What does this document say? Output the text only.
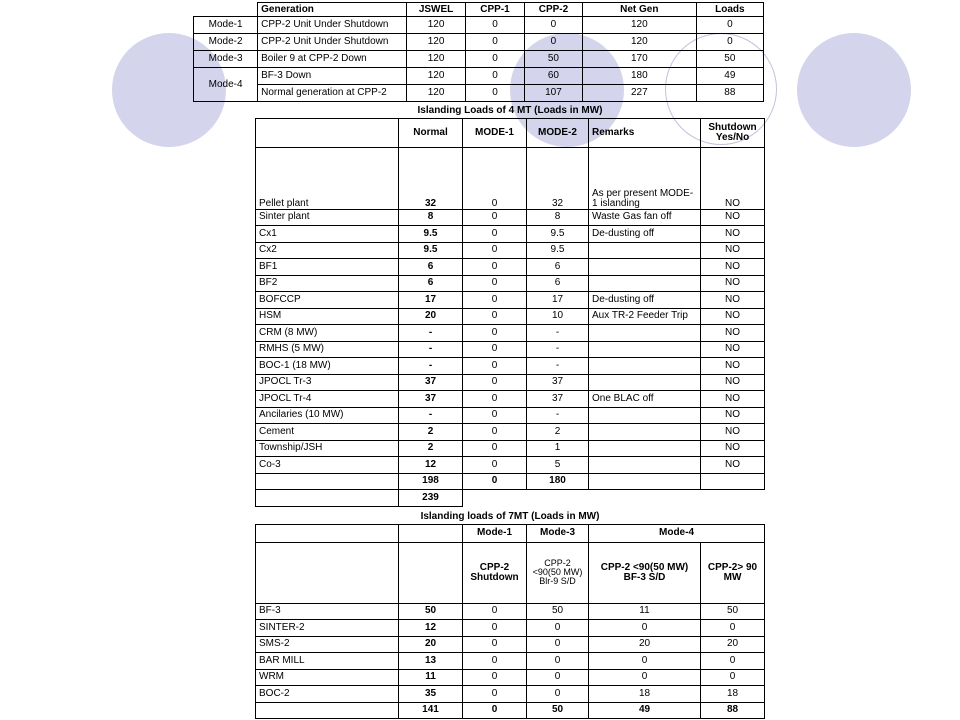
	Generation	JSWEL	CPP-1	CPP-2	Net Gen	Loads
Mode-1	CPP-2 Unit Under Shutdown	120	0	0	120	0
Mode-2	CPP-2 Unit Under Shutdown	120	0	0	120	0
Mode-3	Boiler 9 at CPP-2 Down	120	0	50	170	50
Mode-4	BF-3 Down	120	0	60	180	49
	Normal generation at CPP-2	120	0	107	227	88
Islanding Loads of 4 MT (Loads in MW)					
	Normal	MODE-1	MODE-2	Remarks	Shutdown Yes/No
Pellet plant	32	0	32	As per present MODE-1 islanding	NO
Sinter plant	8	0	8	Waste Gas fan off	NO
Cx1	9.5	0	9.5	De-dusting off	NO
Cx2	9.5	0	9.5		NO
BF1	6	0	6		NO
BF2	6	0	6		NO
BOFCCP	17	0	17	De-dusting off	NO
HSM	20	0	10	Aux TR-2 Feeder Trip	NO
CRM (8 MW)	-	0	-		NO
RMHS (5 MW)	-	0	-		NO
BOC-1 (18 MW)	-	0	-		NO
JPOCL Tr-3	37	0	37		NO
JPOCL Tr-4	37	0	37	One BLAC off	NO
Ancilaries (10 MW)	-	0	-		NO
Cement	2	0	2		NO
Township/JSH	2	0	1		NO
Co-3	12	0	5		NO
	198	0	180		
	239				
Islanding loads of 7MT (Loads in MW)					
		Mode-1	Mode-3	Mode-4	
		CPP-2 Shutdown	CPP-2 <90(50 MW) Blr-9 S/D	CPP-2 <90(50 MW) BF-3 S/D	CPP-2> 90 MW
BF-3	50	0	50	11	50
SINTER-2	12	0	0	0	0
SMS-2	20	0	0	20	20
BAR MILL	13	0	0	0	0
WRM	11	0	0	0	0
BOC-2	35	0	0	18	18
	141	0	50	49	88
